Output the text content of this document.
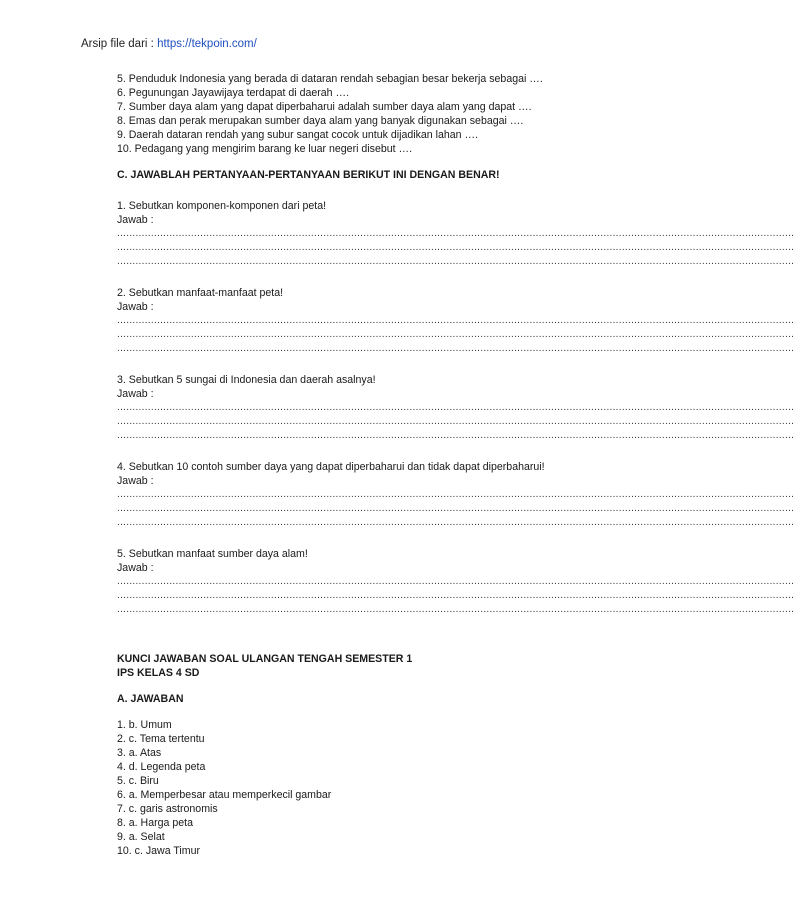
Arsip file dari : https://tekpoin.com/
5. Penduduk Indonesia yang berada di dataran rendah sebagian besar bekerja sebagai ….
6. Pegunungan Jayawijaya terdapat di daerah ….
7. Sumber daya alam yang dapat diperbaharui adalah sumber daya alam yang dapat ….
8. Emas dan perak merupakan sumber daya alam yang banyak digunakan sebagai ….
9. Daerah dataran rendah yang subur sangat cocok untuk dijadikan lahan ….
10. Pedagang yang mengirim barang ke luar negeri disebut ….
C. JAWABLAH PERTANYAAN-PERTANYAAN BERIKUT INI DENGAN BENAR!
1. Sebutkan komponen-komponen dari peta!
Jawab :
............................................................................................................................................................................................................................
............................................................................................................................................................................................................................
............................................................................................................................................................................................................................
2. Sebutkan manfaat-manfaat peta!
Jawab :
............................................................................................................................................................................................................................
............................................................................................................................................................................................................................
............................................................................................................................................................................................................................
3. Sebutkan 5 sungai di Indonesia dan daerah asalnya!
Jawab :
............................................................................................................................................................................................................................
............................................................................................................................................................................................................................
............................................................................................................................................................................................................................
4. Sebutkan 10 contoh sumber daya yang dapat diperbaharui dan tidak dapat diperbaharui!
Jawab :
............................................................................................................................................................................................................................
............................................................................................................................................................................................................................
............................................................................................................................................................................................................................
5. Sebutkan manfaat sumber daya alam!
Jawab :
............................................................................................................................................................................................................................
............................................................................................................................................................................................................................
............................................................................................................................................................................................................................
KUNCI JAWABAN SOAL ULANGAN TENGAH SEMESTER 1
IPS KELAS 4 SD
A. JAWABAN
1. b. Umum
2. c. Tema tertentu
3. a. Atas
4. d. Legenda peta
5. c. Biru
6. a. Memperbesar atau memperkecil gambar
7. c. garis astronomis
8. a. Harga peta
9. a. Selat
10. c. Jawa Timur
